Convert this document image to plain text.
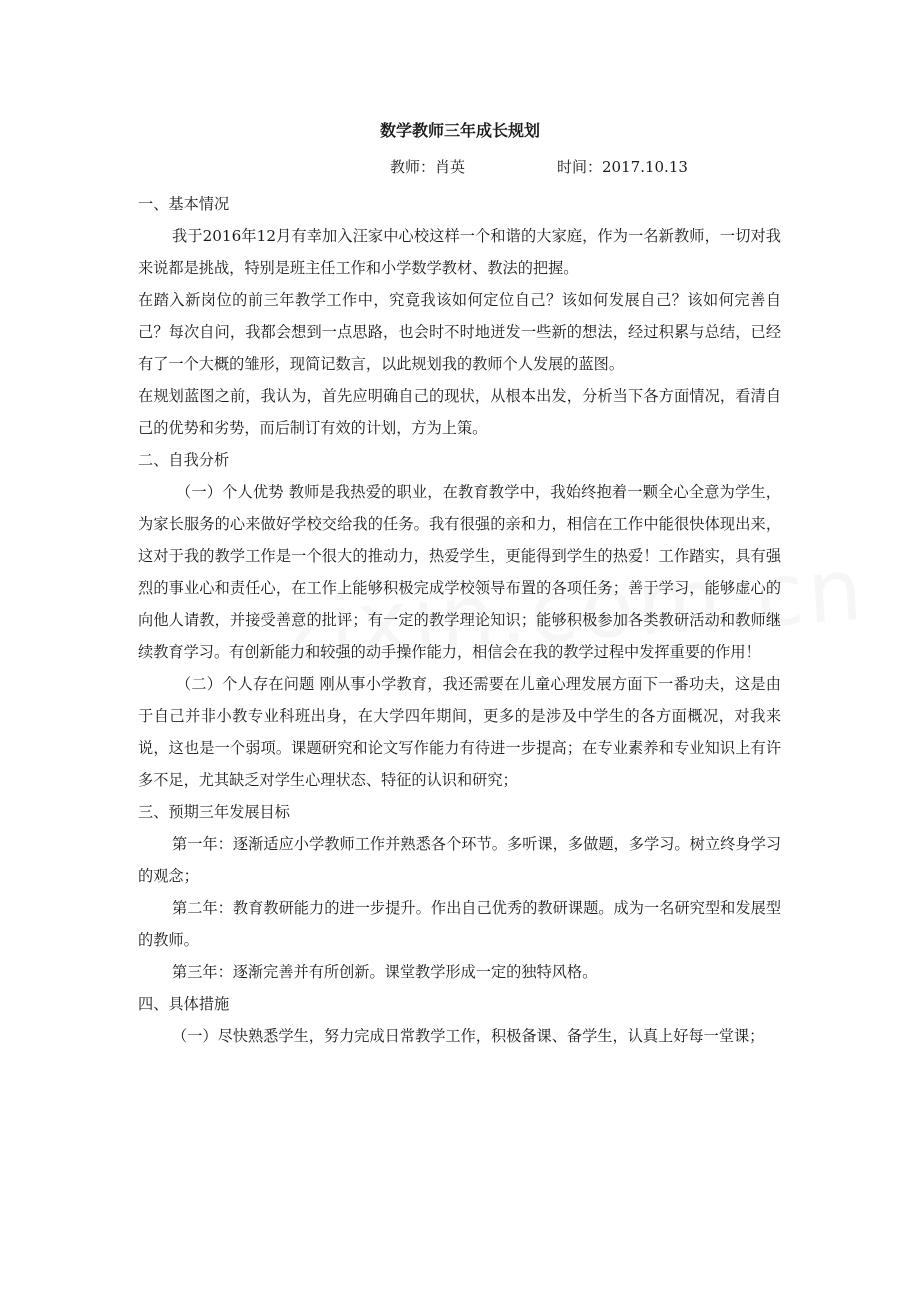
数学教师三年成长规划
教师：肖英	时间：2017.10.13

一、基本情况

我于2016年12月有幸加入汪家中心校这样一个和谐的大家庭，作为一名新教师，一切对我来说都是挑战，特别是班主任工作和小学数学教材、教法的把握。

在踏入新岗位的前三年教学工作中，究竟我该如何定位自己？该如何发展自己？该如何完善自己？每次自问，我都会想到一点思路，也会时不时地迸发一些新的想法，经过积累与总结，已经有了一个大概的雏形，现简记数言，以此规划我的教师个人发展的蓝图。

在规划蓝图之前，我认为，首先应明确自己的现状，从根本出发，分析当下各方面情况，看清自己的优势和劣势，而后制订有效的计划，方为上策。

二、自我分析

（一）个人优势 教师是我热爱的职业，在教育教学中，我始终抱着一颗全心全意为学生，为家长服务的心来做好学校交给我的任务。我有很强的亲和力，相信在工作中能很快体现出来，这对于我的教学工作是一个很大的推动力，热爱学生，更能得到学生的热爱！工作踏实，具有强烈的事业心和责任心，在工作上能够积极完成学校领导布置的各项任务；善于学习，能够虚心的向他人请教，并接受善意的批评；有一定的教学理论知识；能够积极参加各类教研活动和教师继续教育学习。有创新能力和较强的动手操作能力，相信会在我的教学过程中发挥重要的作用！

（二）个人存在问题 刚从事小学教育，我还需要在儿童心理发展方面下一番功夫，这是由于自己并非小教专业科班出身，在大学四年期间，更多的是涉及中学生的各方面概况，对我来说，这也是一个弱项。课题研究和论文写作能力有待进一步提高；在专业素养和专业知识上有许多不足，尤其缺乏对学生心理状态、特征的认识和研究；

三、预期三年发展目标

第一年：逐渐适应小学教师工作并熟悉各个环节。多听课，多做题，多学习。树立终身学习的观念；

第二年：教育教研能力的进一步提升。作出自己优秀的教研课题。成为一名研究型和发展型的教师。

第三年：逐渐完善并有所创新。课堂教学形成一定的独特风格。

四、具体措施

（一）尽快熟悉学生，努力完成日常教学工作，积极备课、备学生，认真上好每一堂课；
